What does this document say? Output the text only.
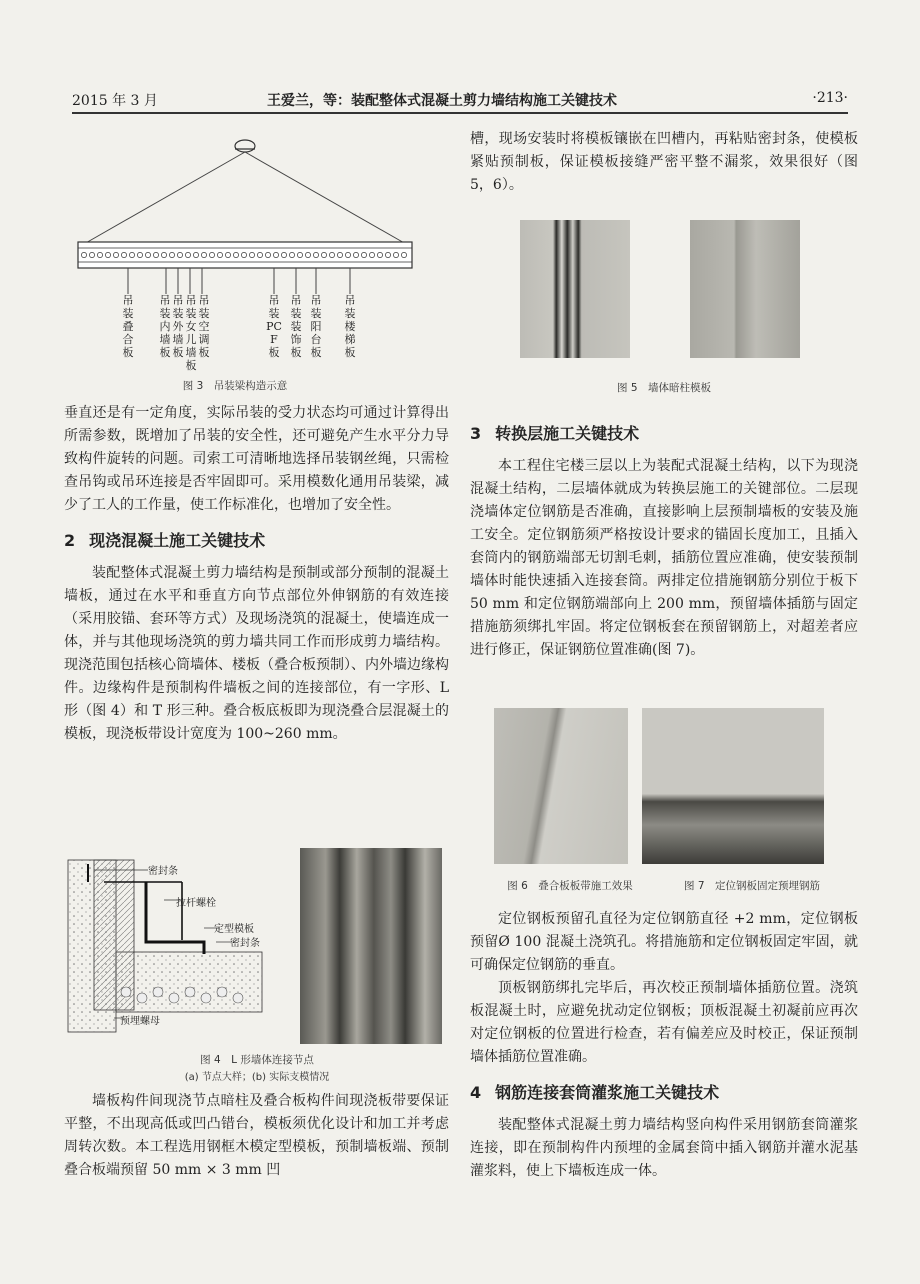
2015 年 3 月	王爱兰，等：装配整体式混凝土剪力墙结构施工关键技术	·213·
吊装叠合板
吊装内墙板
吊装外墙板
吊装女儿墙板
吊装空调板
吊装PCF板
吊装装饰板
吊装阳台板
吊装楼梯板
图 3　吊装梁构造示意

垂直还是有一定角度，实际吊装的受力状态均可通过计算得出所需参数，既增加了吊装的安全性，还可避免产生水平分力导致构件旋转的问题。司索工可清晰地选择吊装钢丝绳，只需检查吊钩或吊环连接是否牢固即可。采用模数化通用吊装梁，减少了工人的工作量，使工作标准化，也增加了安全性。

2 现浇混凝土施工关键技术

装配整体式混凝土剪力墙结构是预制或部分预制的混凝土墙板，通过在水平和垂直方向节点部位外伸钢筋的有效连接（采用胶锚、套环等方式）及现场浇筑的混凝土，使墙连成一体，并与其他现场浇筑的剪力墙共同工作而形成剪力墙结构。现浇范围包括核心筒墙体、楼板（叠合板预制）、内外墙边缘构件。边缘构件是预制构件墙板之间的连接部位，有一字形、L 形（图 4）和 T 形三种。叠合板底板即为现浇叠合层混凝土的模板，现浇板带设计宽度为 100~260 mm。

密封条
拉杆螺栓
定型模板
密封条
预埋螺母
图 4　L 形墙体连接节点
(a) 节点大样；(b) 实际支模情况

墙板构件间现浇节点暗柱及叠合板构件间现浇板带要保证平整，不出现高低或凹凸错台，模板须优化设计和加工并考虑周转次数。本工程选用钢框木模定型模板，预制墙板端、预制叠合板端预留 50 mm × 3 mm 凹

槽，现场安装时将模板镶嵌在凹槽内，再粘贴密封条，使模板紧贴预制板，保证模板接缝严密平整不漏浆，效果很好（图 5，6）。

图 5　墙体暗柱模板
3 转换层施工关键技术

本工程住宅楼三层以上为装配式混凝土结构，以下为现浇混凝土结构，二层墙体就成为转换层施工的关键部位。二层现浇墙体定位钢筋是否准确，直接影响上层预制墙板的安装及施工安全。定位钢筋须严格按设计要求的锚固长度加工，且插入套筒内的钢筋端部无切割毛刺，插筋位置应准确，使安装预制墙体时能快速插入连接套筒。两排定位措施钢筋分别位于板下 50 mm 和定位钢筋端部向上 200 mm，预留墙体插筋与固定措施筋须绑扎牢固。将定位钢板套在预留钢筋上，对超差者应进行修正，保证钢筋位置准确(图 7)。

图 6　叠合板板带施工效果	图 7　定位钢板固定预埋钢筋

定位钢板预留孔直径为定位钢筋直径 +2 mm，定位钢板预留Ø 100 混凝土浇筑孔。将措施筋和定位钢板固定牢固，就可确保定位钢筋的垂直。

顶板钢筋绑扎完毕后，再次校正预制墙体插筋位置。浇筑板混凝土时，应避免扰动定位钢板；顶板混凝土初凝前应再次对定位钢板的位置进行检查，若有偏差应及时校正，保证预制墙体插筋位置准确。

4 钢筋连接套筒灌浆施工关键技术

装配整体式混凝土剪力墙结构竖向构件采用钢筋套筒灌浆连接，即在预制构件内预埋的金属套筒中插入钢筋并灌水泥基灌浆料，使上下墙板连成一体。
